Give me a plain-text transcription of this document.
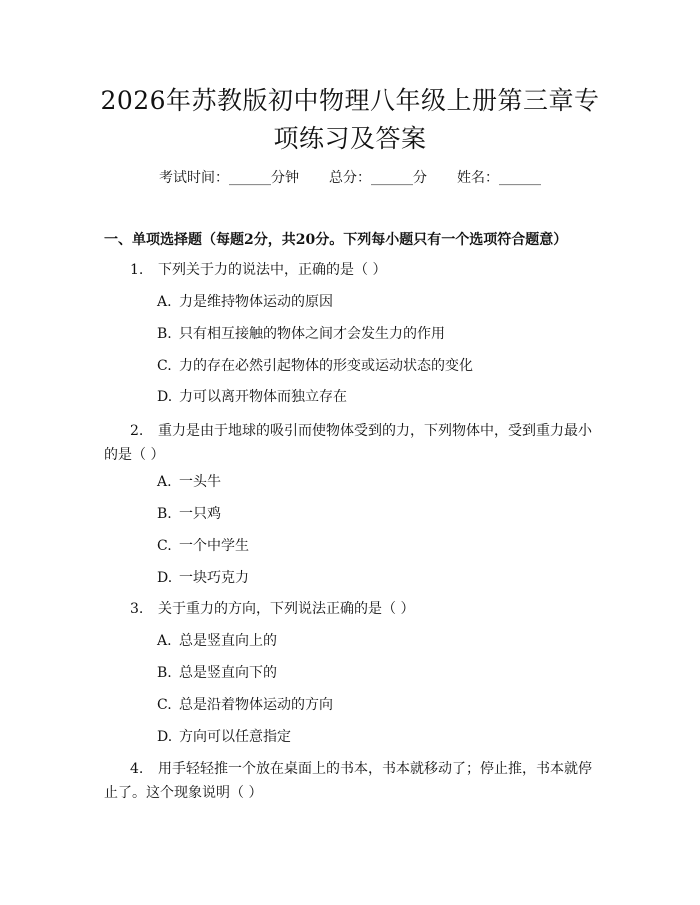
2026年苏教版初中物理八年级上册第三章专
项练习及答案
考试时间：______分钟 总分：______分 姓名：______
一、单项选择题（每题2分，共20分。下列每小题只有一个选项符合题意）
1. 下列关于力的说法中，正确的是（ ）
A. 力是维持物体运动的原因
B. 只有相互接触的物体之间才会发生力的作用
C. 力的存在必然引起物体的形变或运动状态的变化
D. 力可以离开物体而独立存在
2. 重力是由于地球的吸引而使物体受到的力，下列物体中，受到重力最小的是（ ）
A. 一头牛
B. 一只鸡
C. 一个中学生
D. 一块巧克力
3. 关于重力的方向，下列说法正确的是（ ）
A. 总是竖直向上的
B. 总是竖直向下的
C. 总是沿着物体运动的方向
D. 方向可以任意指定
4. 用手轻轻推一个放在桌面上的书本，书本就移动了；停止推，书本就停止了。这个现象说明（ ）
